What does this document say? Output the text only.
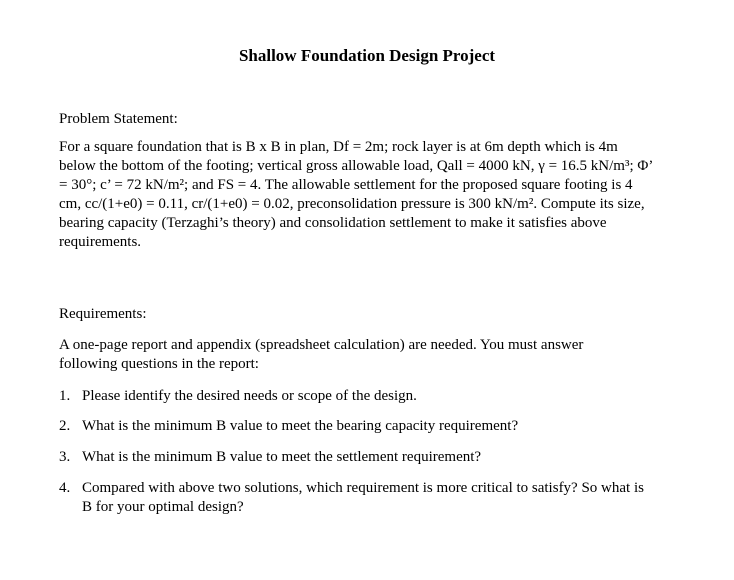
Shallow Foundation Design Project
Problem Statement:
For a square foundation that is B x B in plan, Df = 2m; rock layer is at 6m depth which is 4m
below the bottom of the footing; vertical gross allowable load, Qall = 4000 kN, γ = 16.5 kN/m³; Φ’
= 30°; c’ = 72 kN/m²; and FS = 4. The allowable settlement for the proposed square footing is 4
cm, cc/(1+e0) = 0.11, cr/(1+e0) = 0.02, preconsolidation pressure is 300 kN/m². Compute its size,
bearing capacity (Terzaghi’s theory) and consolidation settlement to make it satisfies above
requirements.
Requirements:
A one-page report and appendix (spreadsheet calculation) are needed. You must answer
following questions in the report:
1. Please identify the desired needs or scope of the design.
2. What is the minimum B value to meet the bearing capacity requirement?
3. What is the minimum B value to meet the settlement requirement?
4. Compared with above two solutions, which requirement is more critical to satisfy? So what is
B for your optimal design?
